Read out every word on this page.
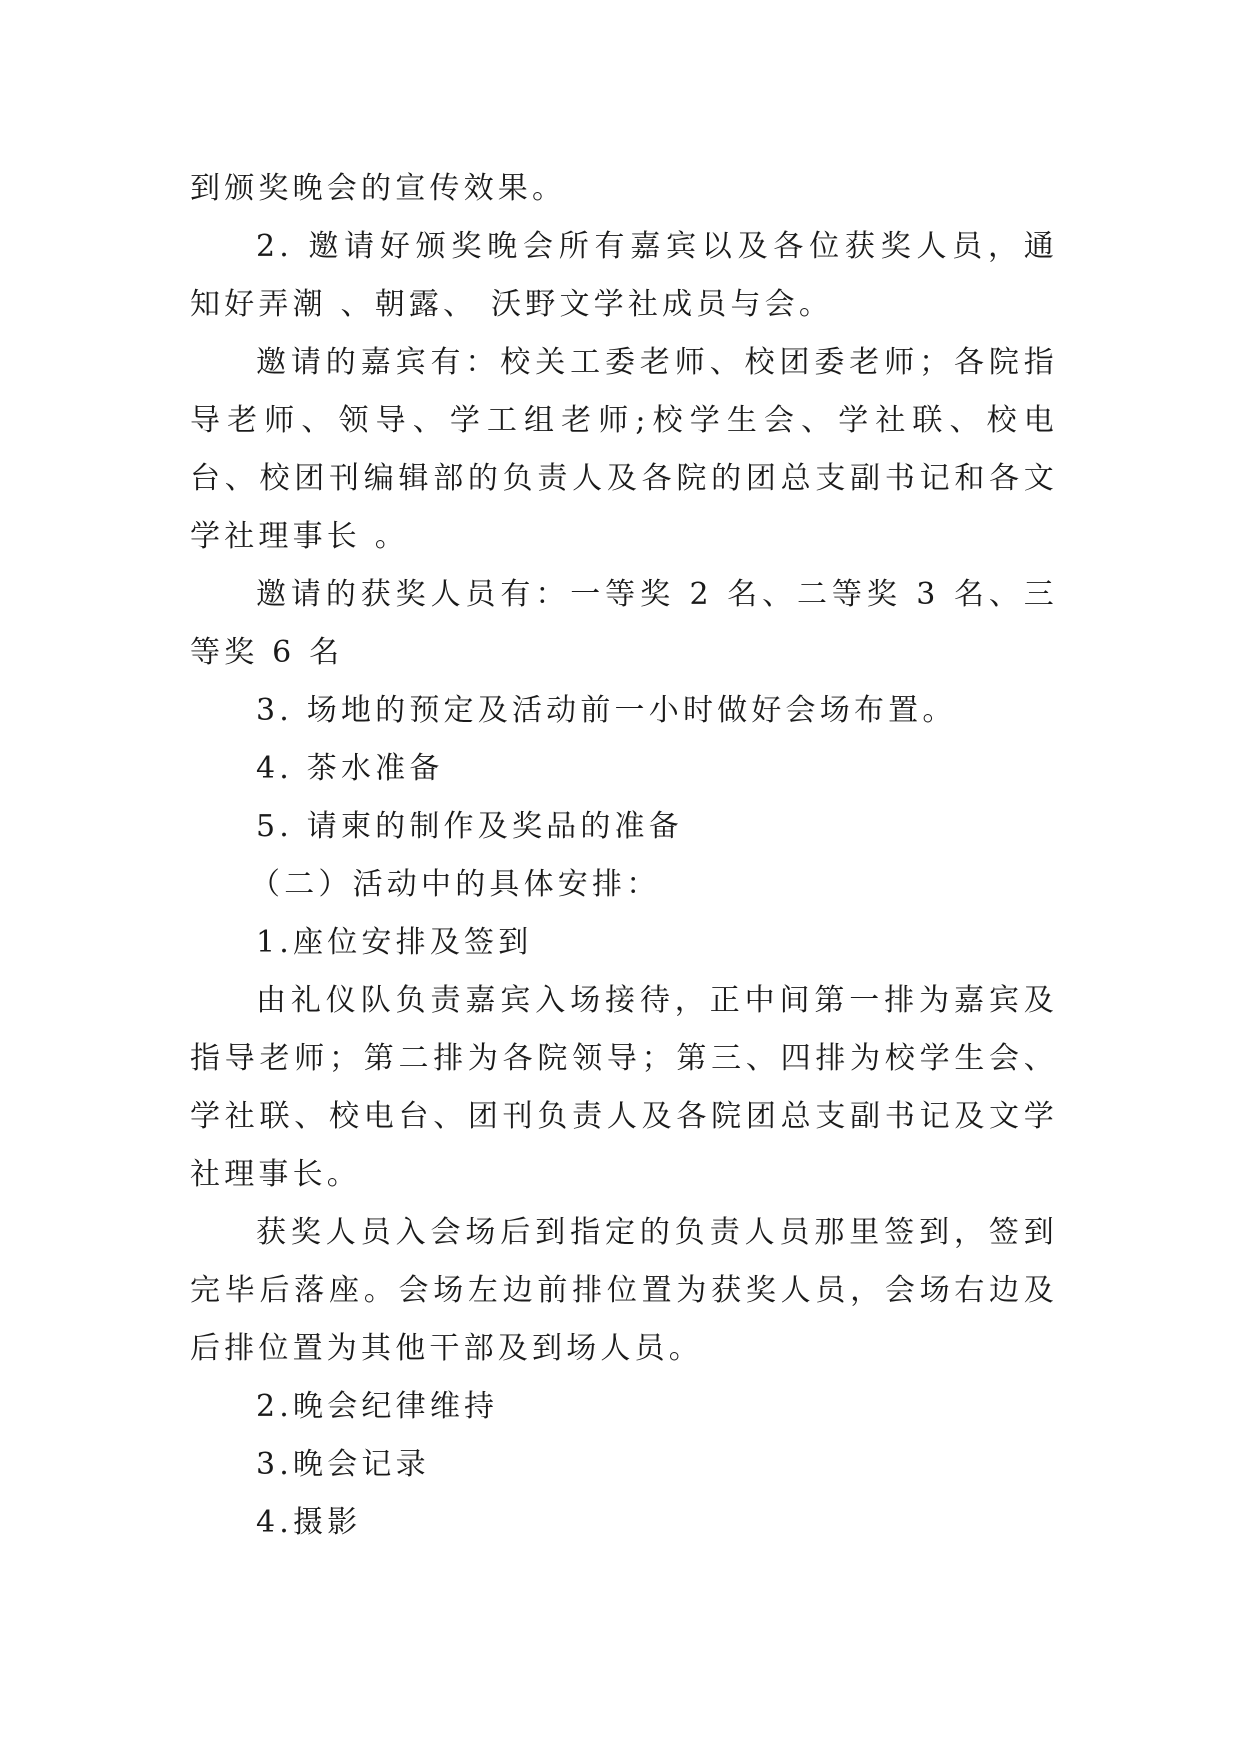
到颁奖晚会的宣传效果。

2. 邀请好颁奖晚会所有嘉宾以及各位获奖人员，通知好弄潮 、朝露、 沃野文学社成员与会。

邀请的嘉宾有：校关工委老师、校团委老师；各院指导老师、领导、学工组老师;校学生会、学社联、校电台、校团刊编辑部的负责人及各院的团总支副书记和各文学社理事长 。

邀请的获奖人员有：一等奖 2 名、二等奖 3 名、三等奖 6 名

3. 场地的预定及活动前一小时做好会场布置。

4. 茶水准备

5. 请柬的制作及奖品的准备

（二）活动中的具体安排：

1.座位安排及签到

由礼仪队负责嘉宾入场接待，正中间第一排为嘉宾及指导老师；第二排为各院领导；第三、四排为校学生会、学社联、校电台、团刊负责人及各院团总支副书记及文学社理事长。

获奖人员入会场后到指定的负责人员那里签到，签到完毕后落座。会场左边前排位置为获奖人员，会场右边及后排位置为其他干部及到场人员。

2.晚会纪律维持

3.晚会记录

4.摄影
